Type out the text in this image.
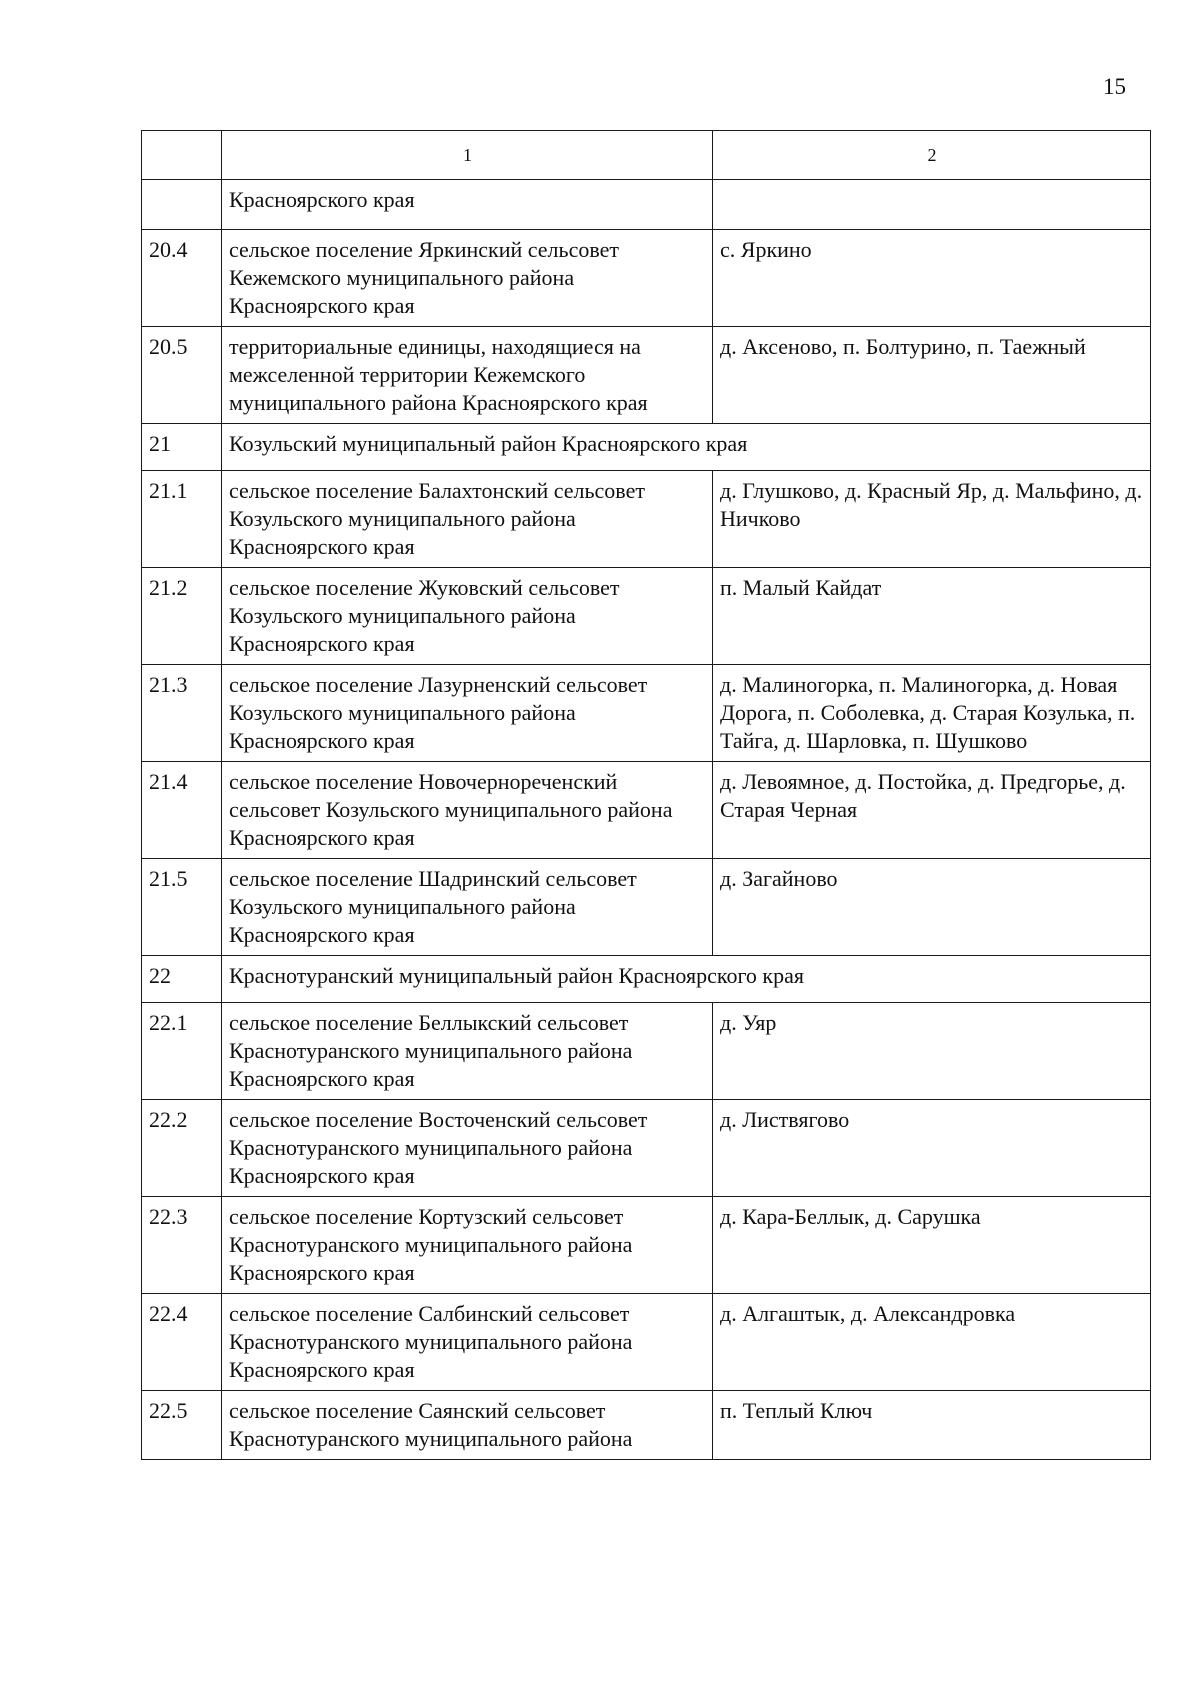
15
	1	2
	Красноярского края	
20.4	сельское поселение Яркинский сельсовет Кежемского муниципального района Красноярского края	с. Яркино
20.5	территориальные единицы, находящиеся на межселенной территории Кежемского муниципального района Красноярского края	д. Аксеново, п. Болтурино, п. Таежный
21	Козульский муниципальный район Красноярского края	
21.1	сельское поселение Балахтонский сельсовет Козульского муниципального района Красноярского края	д. Глушково, д. Красный Яр, д. Мальфино, д. Ничково
21.2	сельское поселение Жуковский сельсовет Козульского муниципального района Красноярского края	п. Малый Кайдат
21.3	сельское поселение Лазурненский сельсовет Козульского муниципального района Красноярского края	д. Малиногорка, п. Малиногорка, д. Новая Дорога, п. Соболевка, д. Старая Козулька, п. Тайга, д. Шарловка, п. Шушково
21.4	сельское поселение Новочернореченский сельсовет Козульского муниципального района Красноярского края	д. Левоямное, д. Постойка, д. Предгорье, д. Старая Черная
21.5	сельское поселение Шадринский сельсовет Козульского муниципального района Красноярского края	д. Загайново
22	Краснотуранский муниципальный район Красноярского края	
22.1	сельское поселение Беллыкский сельсовет Краснотуранского муниципального района Красноярского края	д. Уяр
22.2	сельское поселение Восточенский сельсовет Краснотуранского муниципального района Красноярского края	д. Листвягово
22.3	сельское поселение Кортузский сельсовет Краснотуранского муниципального района Красноярского края	д. Кара-Беллык, д. Сарушка
22.4	сельское поселение Салбинский сельсовет Краснотуранского муниципального района Красноярского края	д. Алгаштык, д. Александровка
22.5	сельское поселение Саянский сельсовет Краснотуранского муниципального района	п. Теплый Ключ
